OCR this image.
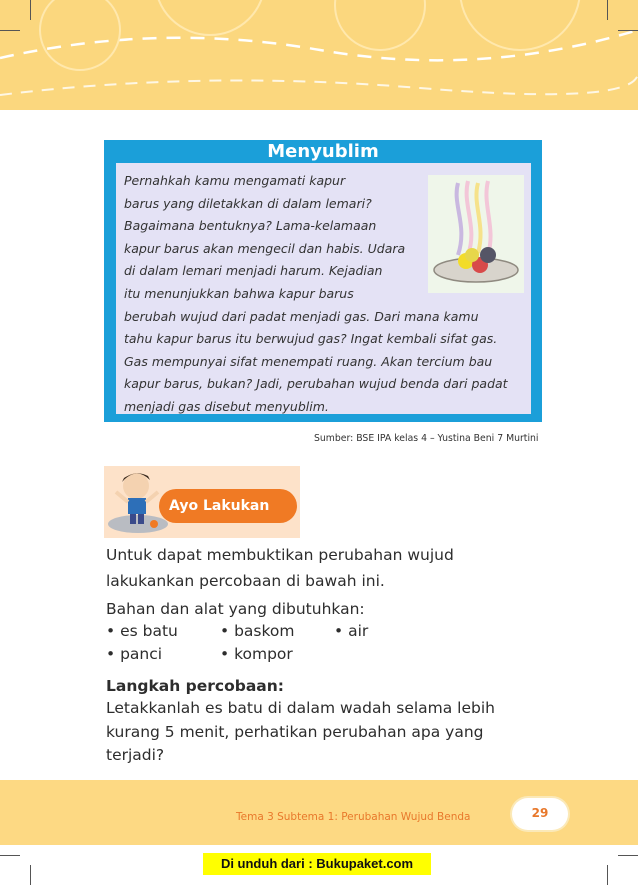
Menyublim
Pernahkah kamu mengamati kapur
barus yang diletakkan di dalam lemari?
Bagaimana bentuknya? Lama-kelamaan
kapur barus akan mengecil dan habis. Udara
di dalam lemari menjadi harum. Kejadian
itu menunjukkan bahwa kapur barus
berubah wujud dari padat menjadi gas. Dari mana kamu
tahu kapur barus itu berwujud gas? Ingat kembali sifat gas.
Gas mempunyai sifat menempati ruang. Akan tercium bau
kapur barus, bukan? Jadi, perubahan wujud benda dari padat
menjadi gas disebut menyublim.
Sumber: BSE IPA kelas 4 – Yustina Beni 7 Murtini
Ayo Lakukan
Untuk dapat membuktikan perubahan wujud
lakukankan percobaan di bawah ini.
Bahan dan alat yang dibutuhkan:
• es batu	• baskom	• air
• panci	• kompor
Langkah percobaan:
Letakkanlah es batu di dalam wadah selama lebih
kurang 5 menit, perhatikan perubahan apa yang
terjadi?
Tema 3 Subtema 1: Perubahan Wujud Benda	29
Di unduh dari : Bukupaket.com
